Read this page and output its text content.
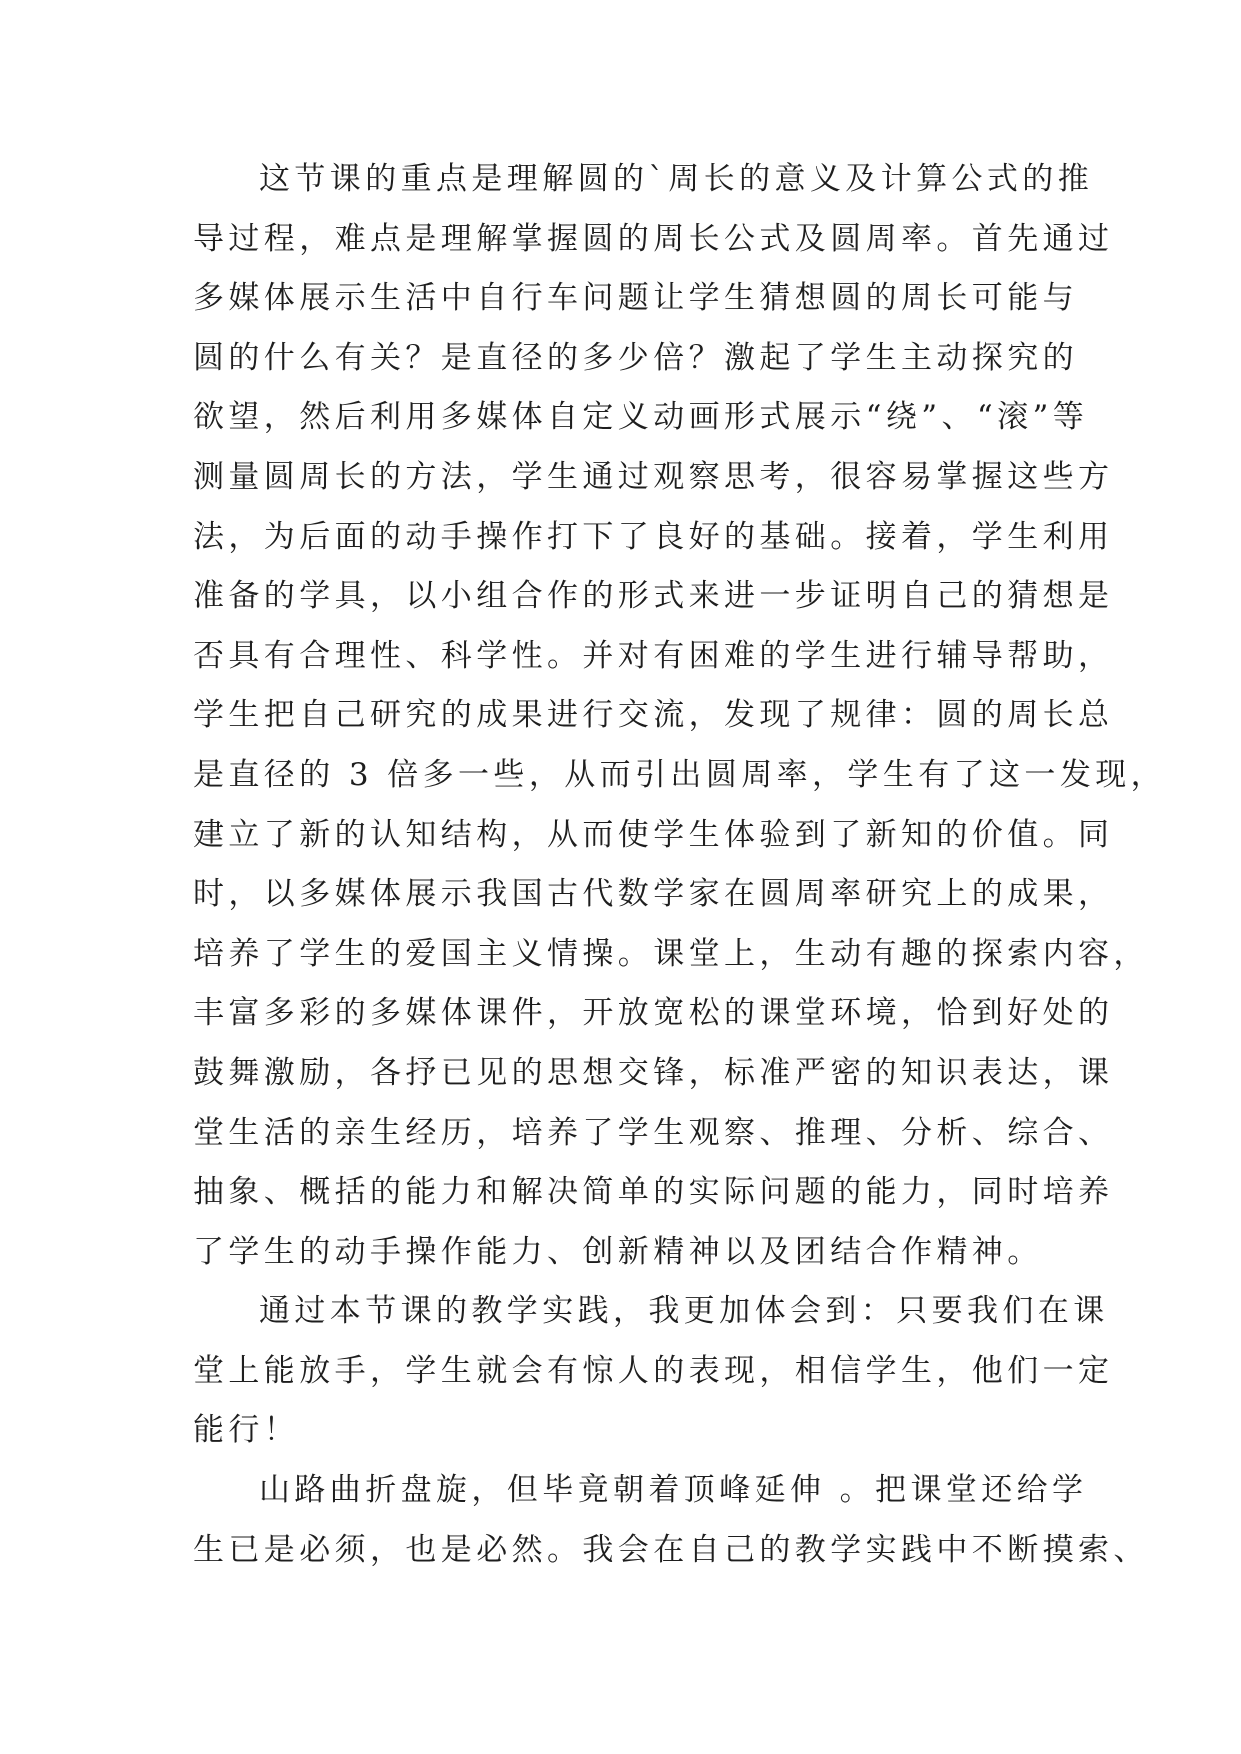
这节课的重点是理解圆的`周长的意义及计算公式的推
导过程，难点是理解掌握圆的周长公式及圆周率。首先通过
多媒体展示生活中自行车问题让学生猜想圆的周长可能与
圆的什么有关？是直径的多少倍？激起了学生主动探究的
欲望，然后利用多媒体自定义动画形式展示“绕”、“滚”等
测量圆周长的方法，学生通过观察思考，很容易掌握这些方
法，为后面的动手操作打下了良好的基础。接着，学生利用
准备的学具，以小组合作的形式来进一步证明自己的猜想是
否具有合理性、科学性。并对有困难的学生进行辅导帮助，
学生把自己研究的成果进行交流，发现了规律：圆的周长总
是直径的 3 倍多一些，从而引出圆周率，学生有了这一发现，
建立了新的认知结构，从而使学生体验到了新知的价值。同
时，以多媒体展示我国古代数学家在圆周率研究上的成果，
培养了学生的爱国主义情操。课堂上，生动有趣的探索内容，
丰富多彩的多媒体课件，开放宽松的课堂环境，恰到好处的
鼓舞激励，各抒已见的思想交锋，标准严密的知识表达，课
堂生活的亲生经历，培养了学生观察、推理、分析、综合、
抽象、概括的能力和解决简单的实际问题的能力，同时培养
了学生的动手操作能力、创新精神以及团结合作精神。
通过本节课的教学实践，我更加体会到：只要我们在课
堂上能放手，学生就会有惊人的表现，相信学生，他们一定
能行！
山路曲折盘旋，但毕竟朝着顶峰延伸 。把课堂还给学
生已是必须，也是必然。我会在自己的教学实践中不断摸索、
